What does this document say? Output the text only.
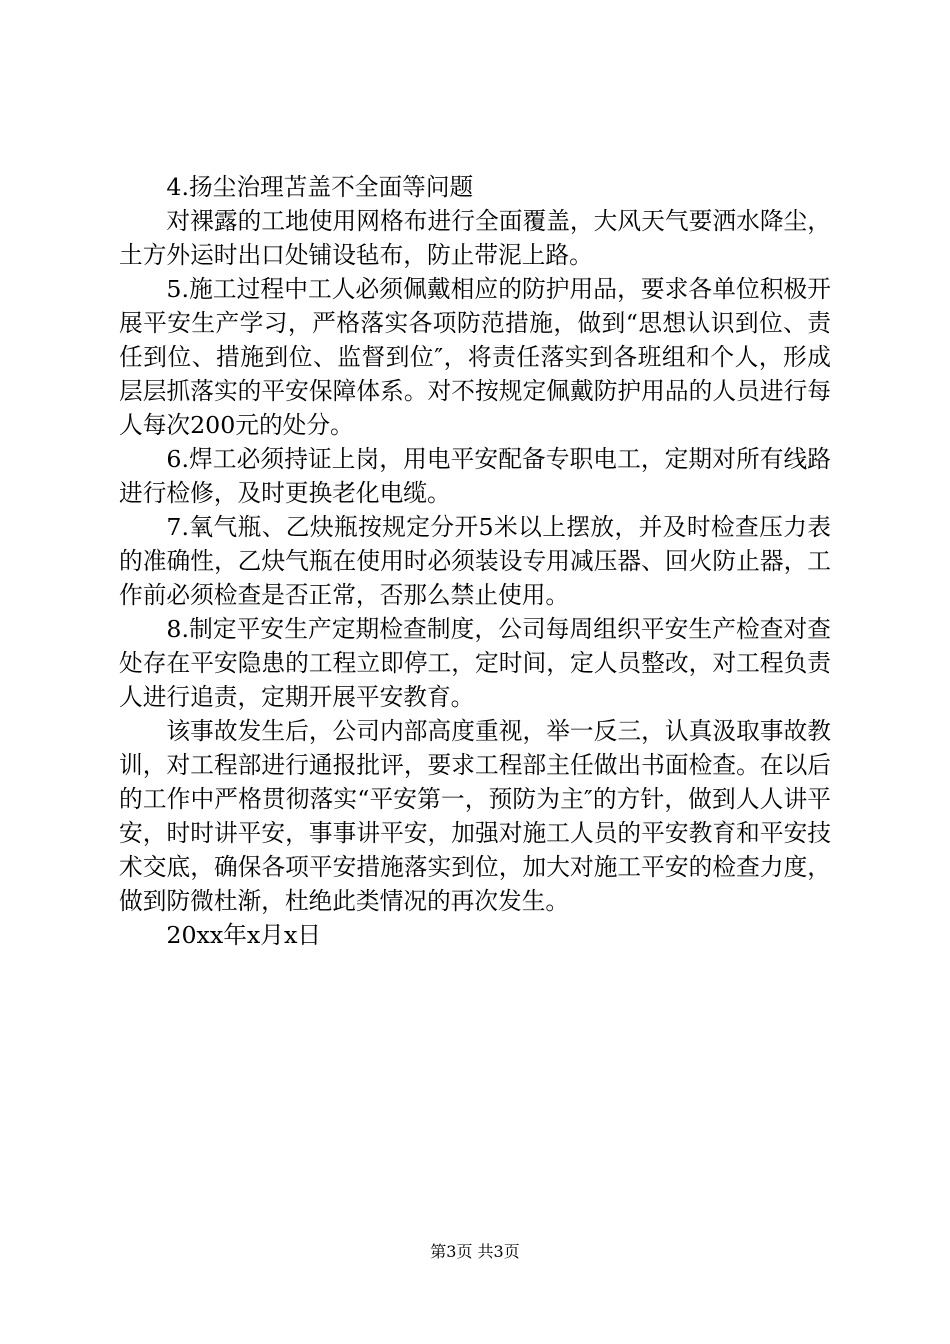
4.扬尘治理苫盖不全面等问题

对裸露的工地使用网格布进行全面覆盖，大风天气要洒水降尘，土方外运时出口处铺设毡布，防止带泥上路。

5.施工过程中工人必须佩戴相应的防护用品，要求各单位积极开展平安生产学习，严格落实各项防范措施，做到“思想认识到位、责任到位、措施到位、监督到位″，将责任落实到各班组和个人，形成层层抓落实的平安保障体系。对不按规定佩戴防护用品的人员进行每人每次200元的处分。

6.焊工必须持证上岗，用电平安配备专职电工，定期对所有线路进行检修，及时更换老化电缆。

7.氧气瓶、乙炔瓶按规定分开5米以上摆放，并及时检查压力表的准确性，乙炔气瓶在使用时必须装设专用减压器、回火防止器，工作前必须检查是否正常，否那么禁止使用。

8.制定平安生产定期检查制度，公司每周组织平安生产检查对查处存在平安隐患的工程立即停工，定时间，定人员整改，对工程负责人进行追责，定期开展平安教育。

该事故发生后，公司内部高度重视，举一反三，认真汲取事故教训，对工程部进行通报批评，要求工程部主任做出书面检查。在以后的工作中严格贯彻落实“平安第一，预防为主″的方针，做到人人讲平安，时时讲平安，事事讲平安，加强对施工人员的平安教育和平安技术交底，确保各项平安措施落实到位，加大对施工平安的检查力度，做到防微杜渐，杜绝此类情况的再次发生。

20xx年x月x日

第3页 共3页
